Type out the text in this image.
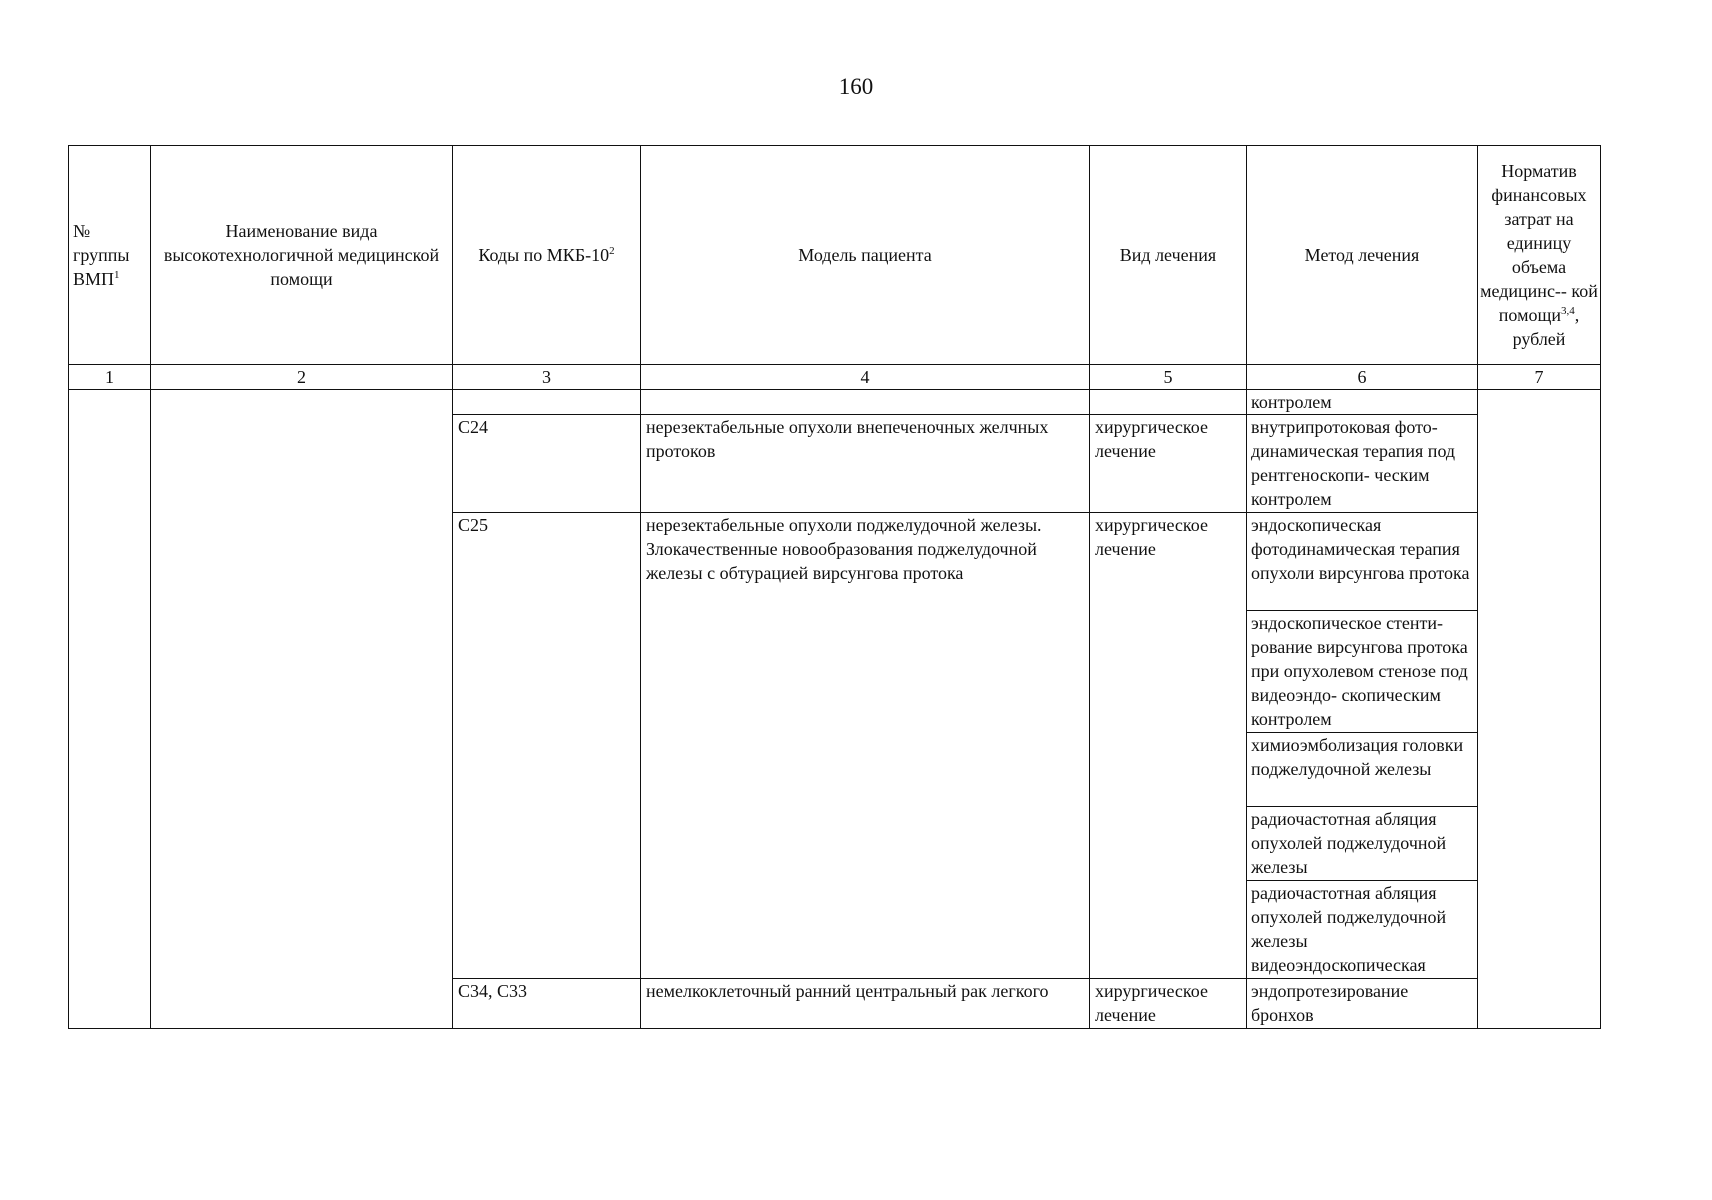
160
№ группы ВМП$^1$	Наименование вида высокотехнологичной медицинской помощи	Коды по МКБ-$10^2$	Модель пациента	Вид лечения	Метод лечения	Норматив финансовых затрат на единицу объема медицинс-- кой помощи$^{3,4}$, рублей
1	2	3	4	5	6	7
					контролем	
		C24	нерезектабельные опухоли внепеченочных желчных протоков	хирургическое лечение	внутрипротоковая фото- динамическая терапия под рентгеноскопи- ческим контролем	
		C25	нерезектабельные опухоли поджелудочной железы. Злокачественные новообразования поджелудочной железы с обтурацией вирсунгова протока	хирургическое лечение	эндоскопическая фотодинамическая терапия опухоли вирсунгова протока	
					эндоскопическое стенти- рование вирсунгова протока при опухолевом стенозе под видеоэндо- скопическим контролем	
					химиоэмболизация головки поджелудочной железы	
					радиочастотная абляция опухолей поджелудочной железы	
					радиочастотная абляция опухолей поджелудочной железы видеоэндоскопическая	
		C34, C33	немелкоклеточный ранний центральный рак легкого	хирургическое лечение	эндопротезирование бронхов	
